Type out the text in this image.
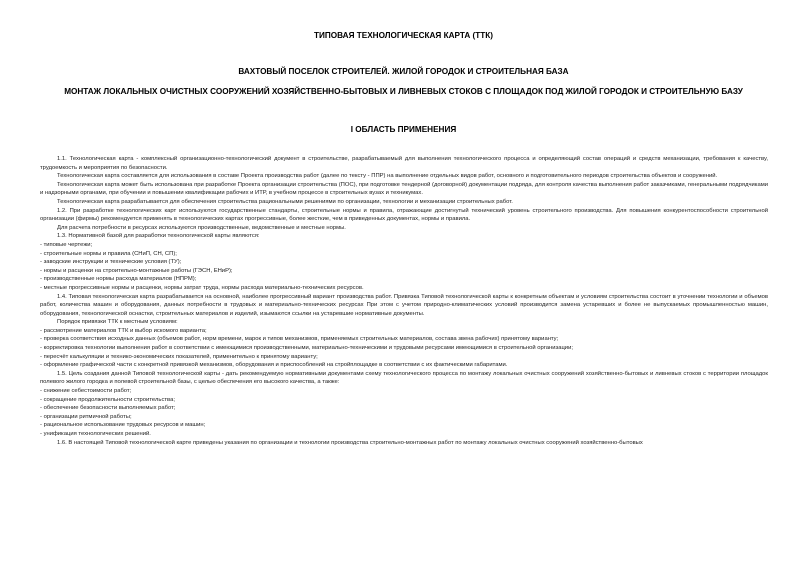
ТИПОВАЯ ТЕХНОЛОГИЧЕСКАЯ КАРТА (ТТК)
ВАХТОВЫЙ ПОСЕЛОК СТРОИТЕЛЕЙ. ЖИЛОЙ ГОРОДОК И СТРОИТЕЛЬНАЯ БАЗА
МОНТАЖ ЛОКАЛЬНЫХ ОЧИСТНЫХ СООРУЖЕНИЙ ХОЗЯЙСТВЕННО-БЫТОВЫХ И ЛИВНЕВЫХ СТОКОВ С ПЛОЩАДОК ПОД ЖИЛОЙ ГОРОДОК И СТРОИТЕЛЬНУЮ БАЗУ
I ОБЛАСТЬ ПРИМЕНЕНИЯ

1.1. Технологическая карта - комплексный организационно-технологический документ в строительстве, разрабатываемый для выполнения технологического процесса и определяющий состав операций и средств механизации, требования к качеству, трудоемкость и мероприятия по безопасности.

Технологическая карта составляется для использования в составе Проекта производства работ (далее по тексту - ППР) на выполнение отдельных видов работ, основного и подготовительного периодов строительства объектов и сооружений.

Технологическая карта может быть использована при разработке Проекта организации строительства (ПОС), при подготовке тендерной (договорной) документации подряда, для контроля качества выполнения работ заказчиками, генеральными подрядчиками и надзорными органами, при обучении и повышении квалификации рабочих и ИТР, в учебном процессе в строительных вузах и техникумах.

Технологическая карта разрабатывается для обеспечения строительства рациональными решениями по организации, технологии и механизации строительных работ.

1.2. При разработке технологических карт используются государственные стандарты, строительные нормы и правила, отражающие достигнутый технический уровень строительного производства. Для повышения конкурентоспособности строительной организации (фирмы) рекомендуется применять в технологических картах прогрессивные, более жесткие, чем в приведенных документах, нормы и правила.

Для расчета потребности в ресурсах используются производственные, ведомственные и местные нормы.

1.3. Нормативной базой для разработки технологической карты являются:

- типовые чертежи;

- строительные нормы и правила (СНиП, СН, СП);

- заводские инструкции и технические условия (ТУ);

- нормы и расценки на строительно-монтажные работы (ГЭСН, ЕНиР);

- производственные нормы расхода материалов (НПРМ);

- местные прогрессивные нормы и расценки, нормы затрат труда, нормы расхода материально-технических ресурсов.

1.4. Типовая технологическая карта разрабатывается на основной, наиболее прогрессивный вариант производства работ. Привязка Типовой технологической карты к конкретным объектам и условиям строительства состоит в уточнении технологии и объемов работ, количества машин и оборудования, данных потребности в трудовых и материально-технических ресурсах При этом с учетом природно-климатических условий производится замена устаревших и более не выпускаемых промышленностью машин, оборудования, технологической оснастки, строительных материалов и изделий, изымаются ссылки на устаревшие нормативные документы.

Порядок привязки ТТК к местным условиям:

- рассмотрение материалов ТТК и выбор искомого варианта;

- проверка соответствия исходных данных (объемов работ, норм времени, марок и типов механизмов, применяемых строительных материалов, состава звена рабочих) принятому варианту;

- корректировка технологии выполнения работ в соответствии с имеющимися производственными, материально-техническими и трудовыми ресурсами имеющимися в строительной организации;

- пересчёт калькуляции и технико-экономических показателей, применительно к принятому варианту;

- оформление графической части с конкретной привязкой механизмов, оборудования и приспособлений на стройплощадке в соответствии с их фактическими габаритами.

1.5. Цель создания данной Типовой технологической карты - дать рекомендуемую нормативными документами схему технологического процесса по монтажу локальных очистных сооружений хозяйственно-бытовых и ливневых стоков с территории площадок полевого жилого городка и полевой строительной базы, с целью обеспечения его высокого качества, а также:

- снижение себестоимости работ;

- сокращение продолжительности строительства;

- обеспечение безопасности выполняемых работ;

- организации ритмичной работы;

- рациональное использование трудовых ресурсов и машин;

- унификация технологических решений.

1.6. В настоящей Типовой технологической карте приведены указания по организации и технологии производства строительно-монтажных работ по монтажу локальных очистных сооружений хозяйственно-бытовых
